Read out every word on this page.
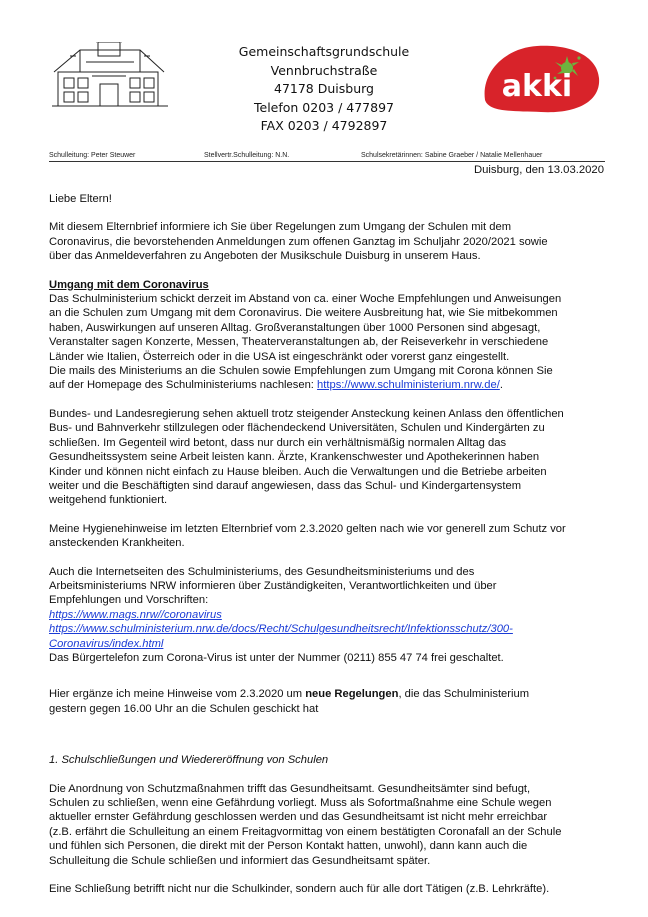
Gemeinschaftsgrundschule
Vennbruchstraße
47178 Duisburg
Telefon 0203 / 477897
FAX 0203 / 4792897
akki
Schulleitung: Peter Steuwer	Stellvertr.Schulleitung: N.N.	Schulsekretärinnen: Sabine Graeber / Natalie Mellenhauer
Duisburg, den 13.03.2020

Liebe Eltern!

Mit diesem Elternbrief informiere ich Sie über Regelungen zum Umgang der Schulen mit dem
Coronavirus, die bevorstehenden Anmeldungen zum offenen Ganztag im Schuljahr 2020/2021 sowie
über das Anmeldeverfahren zu Angeboten der Musikschule Duisburg in unserem Haus.

Umgang mit dem Coronavirus

Das Schulministerium schickt derzeit im Abstand von ca. einer Woche Empfehlungen und Anweisungen
an die Schulen zum Umgang mit dem Coronavirus. Die weitere Ausbreitung hat, wie Sie mitbekommen
haben, Auswirkungen auf unseren Alltag. Großveranstaltungen über 1000 Personen sind abgesagt,
Veranstalter sagen Konzerte, Messen, Theaterveranstaltungen ab, der Reiseverkehr in verschiedene
Länder wie Italien, Österreich oder in die USA ist eingeschränkt oder vorerst ganz eingestellt.
Die mails des Ministeriums an die Schulen sowie Empfehlungen zum Umgang mit Corona können Sie
auf der Homepage des Schulministeriums nachlesen: https://www.schulministerium.nrw.de/.

Bundes- und Landesregierung sehen aktuell trotz steigender Ansteckung keinen Anlass den öffentlichen
Bus- und Bahnverkehr stillzulegen oder flächendeckend Universitäten, Schulen und Kindergärten zu
schließen. Im Gegenteil wird betont, dass nur durch ein verhältnismäßig normalen Alltag das
Gesundheitssystem seine Arbeit leisten kann. Ärzte, Krankenschwester und Apothekerinnen haben
Kinder und können nicht einfach zu Hause bleiben. Auch die Verwaltungen und die Betriebe arbeiten
weiter und die Beschäftigten sind darauf angewiesen, dass das Schul- und Kindergartensystem
weitgehend funktioniert.

Meine Hygienehinweise im letzten Elternbrief vom 2.3.2020 gelten nach wie vor generell zum Schutz vor
ansteckenden Krankheiten.

Auch die Internetseiten des Schulministeriums, des Gesundheitsministeriums und des
Arbeitsministeriums NRW informieren über Zuständigkeiten, Verantwortlichkeiten und über
Empfehlungen und Vorschriften:
https://www.mags.nrw//coronavirus
https://www.schulministerium.nrw.de/docs/Recht/Schulgesundheitsrecht/Infektionsschutz/300-
Coronavirus/index.html
Das Bürgertelefon zum Corona-Virus ist unter der Nummer (0211) 855 47 74 frei geschaltet.

Hier ergänze ich meine Hinweise vom 2.3.2020 um neue Regelungen, die das Schulministerium
gestern gegen 16.00 Uhr an die Schulen geschickt hat

1. Schulschließungen und Wiedereröffnung von Schulen

Die Anordnung von Schutzmaßnahmen trifft das Gesundheitsamt. Gesundheitsämter sind befugt,
Schulen zu schließen, wenn eine Gefährdung vorliegt. Muss als Sofortmaßnahme eine Schule wegen
aktueller ernster Gefährdung geschlossen werden und das Gesundheitsamt ist nicht mehr erreichbar
(z.B. erfährt die Schulleitung an einem Freitagvormittag von einem bestätigten Coronafall an der Schule
und fühlen sich Personen, die direkt mit der Person Kontakt hatten, unwohl), dann kann auch die
Schulleitung die Schule schließen und informiert das Gesundheitsamt später.

Eine Schließung betrifft nicht nur die Schulkinder, sondern auch für alle dort Tätigen (z.B. Lehrkräfte).
